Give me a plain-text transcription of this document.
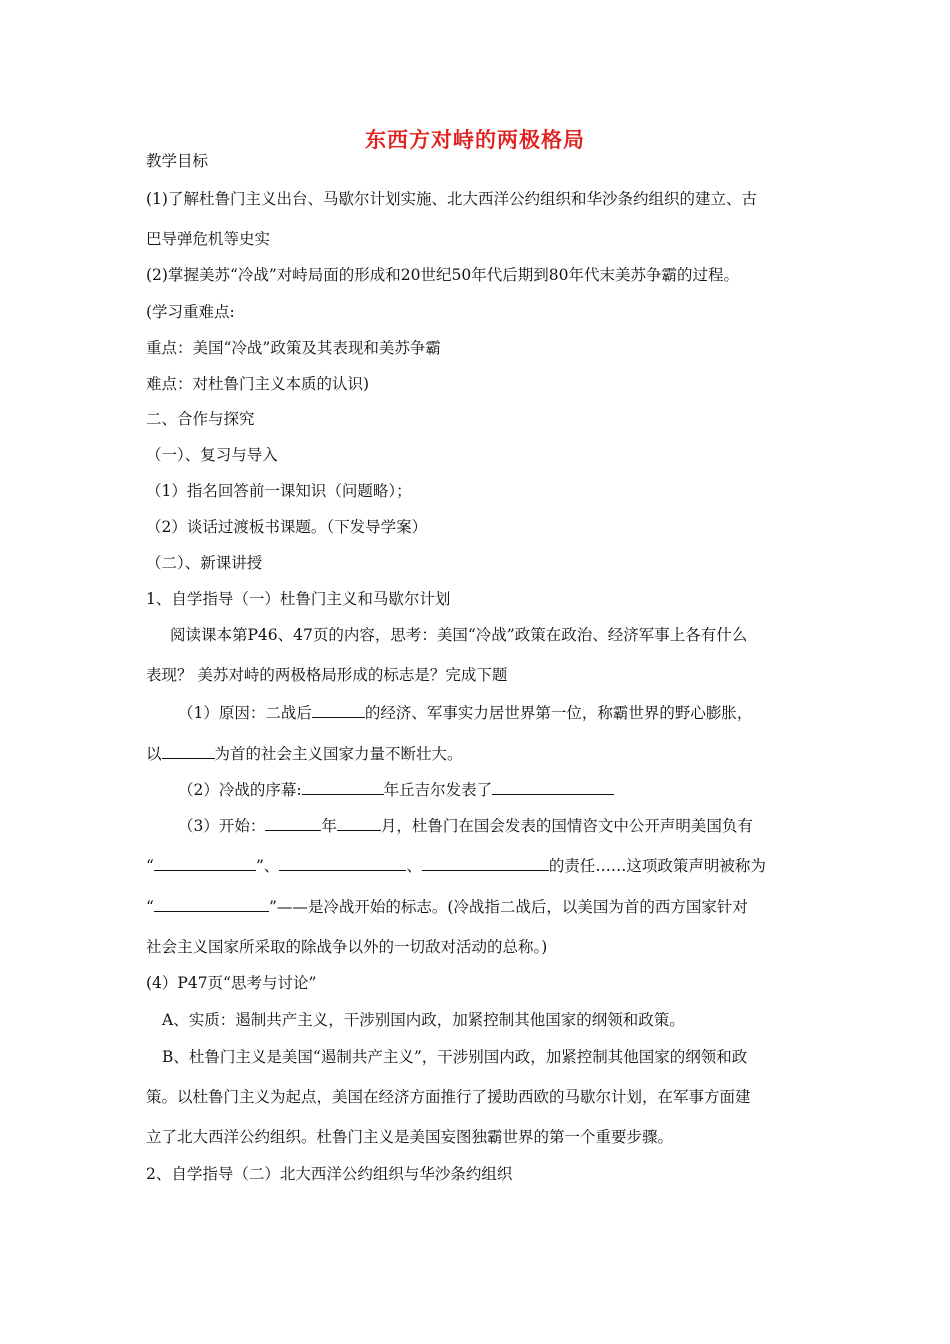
东西方对峙的两极格局
教学目标
(1)了解杜鲁门主义出台、马歇尔计划实施、北大西洋公约组织和华沙条约组织的建立、古
巴导弹危机等史实
(2)掌握美苏“冷战”对峙局面的形成和20世纪50年代后期到80年代末美苏争霸的过程。
(学习重难点:
重点：美国“冷战”政策及其表现和美苏争霸
难点：对杜鲁门主义本质的认识)
二、合作与探究
（一）、复习与导入
（1）指名回答前一课知识（问题略）；
（2）谈话过渡板书课题。（下发导学案）
（二）、新课讲授
1、自学指导（一）杜鲁门主义和马歇尔计划
阅读课本第P46、47页的内容，思考：美国“冷战”政策在政治、经济军事上各有什么
表现？ 美苏对峙的两极格局形成的标志是？完成下题
（1）原因：二战后	的经济、军事实力居世界第一位，称霸世界的野心膨胀，
以	为首的社会主义国家力量不断壮大。
（2）冷战的序幕:	年丘吉尔发表了
（3）开始：	年	月，杜鲁门在国会发表的国情咨文中公开声明美国负有
“	”、	、	的责任……这项政策声明被称为
“	”——是冷战开始的标志。(冷战指二战后，以美国为首的西方国家针对
社会主义国家所采取的除战争以外的一切敌对活动的总称。)
(4）P47页“思考与讨论”
A、实质：遏制共产主义，干涉别国内政，加紧控制其他国家的纲领和政策。
B、杜鲁门主义是美国“遏制共产主义”，干涉别国内政，加紧控制其他国家的纲领和政
策。以杜鲁门主义为起点，美国在经济方面推行了援助西欧的马歇尔计划，在军事方面建
立了北大西洋公约组织。杜鲁门主义是美国妄图独霸世界的第一个重要步骤。
2、自学指导（二）北大西洋公约组织与华沙条约组织
